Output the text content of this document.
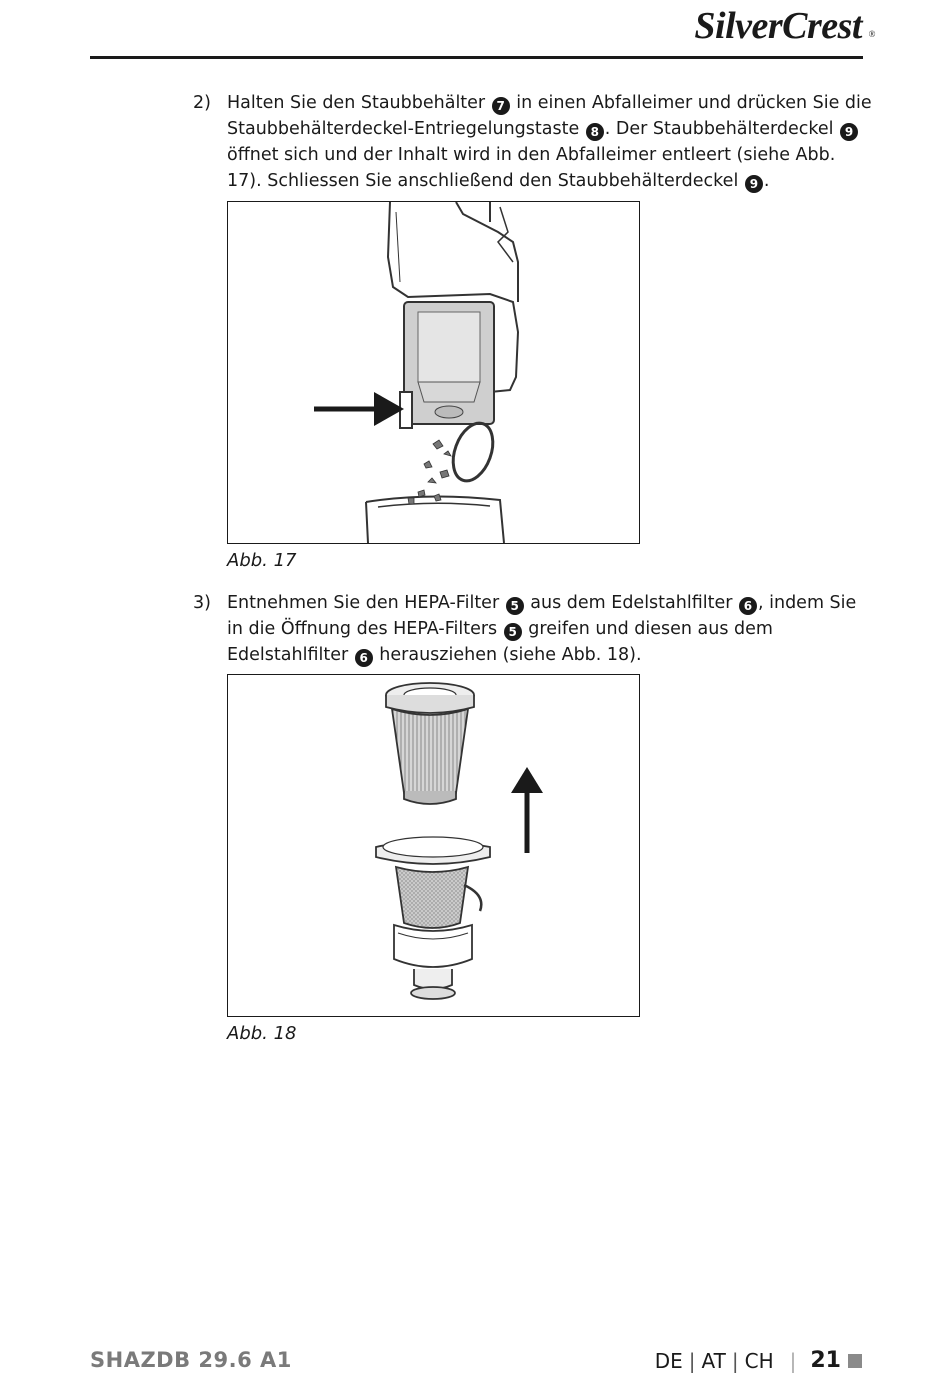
SilverCrest ®
2) Halten Sie den Staubbehälter 7 in einen Abfalleimer und drücken Sie die Staubbehälterdeckel-Entriegelungstaste 8 . Der Staubbehälterdeckel 9 öffnet sich und der Inhalt wird in den Abfalleimer entleert (siehe Abb. 17). Schliessen Sie anschließend den Staubbehälterdeckel 9 .
Abb. 17
3) Entnehmen Sie den HEPA-Filter 5 aus dem Edelstahlfilter 6 , indem Sie in die Öffnung des HEPA-Filters 5 greifen und diesen aus dem Edelstahlfilter 6 herausziehen (siehe Abb. 18).
Abb. 18
SHAZDB 29.6 A1	DE | AT | CH | 21
